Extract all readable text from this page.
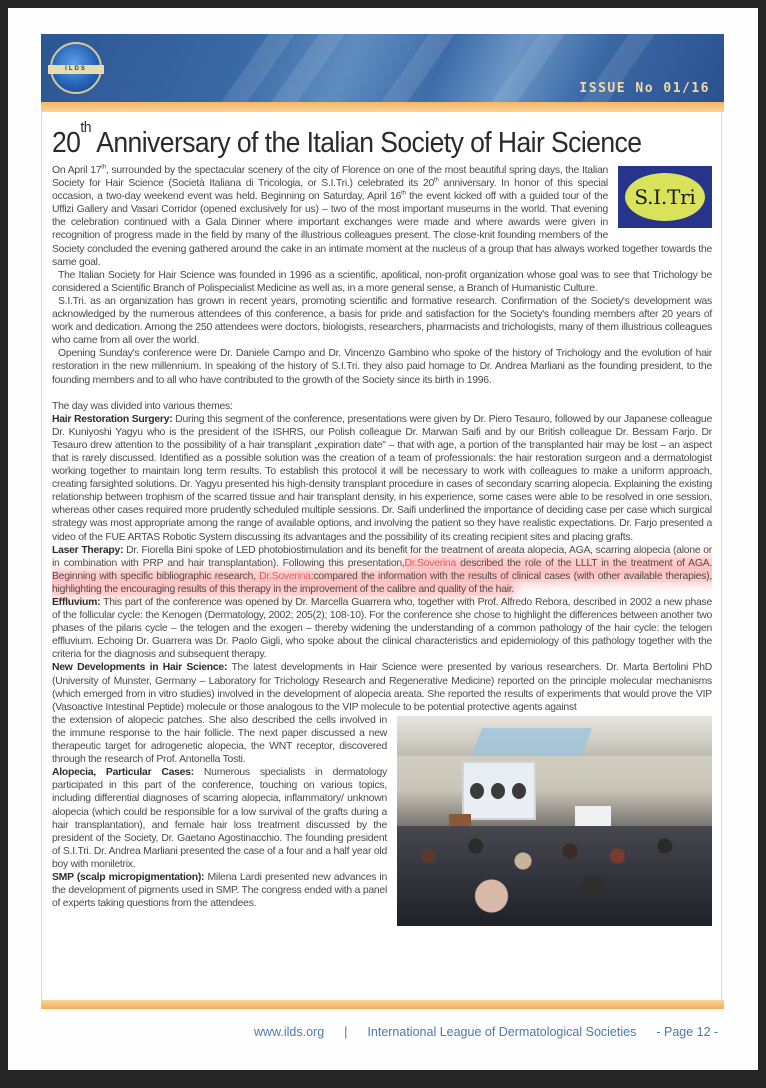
ILDS
ISSUE No 01/16
20th Anniversary of the Italian Society of Hair Science
S.I.Tri

On April 17th, surrounded by the spectacular scenery of the city of Florence on one of the most beautiful spring days, the Italian Society for Hair Science (Società Italiana di Tricologia, or S.I.Tri.) celebrated its 20th anniversary. In honor of this special occasion, a two-day weekend event was held. Beginning on Saturday, April 16th the event kicked off with a guided tour of the Uffizi Gallery and Vasari Corridor (opened exclusively for us) – two of the most important museums in the world. That evening the celebration continued with a Gala Dinner where important exchanges were made and where awards were given in recognition of progress made in the field by many of the illustrious colleagues present. The close-knit founding members of the Society concluded the evening gathered around the cake in an intimate moment at the nucleus of a group that has always worked together towards the same goal.

The Italian Society for Hair Science was founded in 1996 as a scientific, apolitical, non-profit organization whose goal was to see that Trichology be considered a Scientific Branch of Polispecialist Medicine as well as, in a more general sense, a Branch of Humanistic Culture.

S.I.Tri. as an organization has grown in recent years, promoting scientific and formative research. Confirmation of the Society's development was acknowledged by the numerous attendees of this conference, a basis for pride and satisfaction for the Society's founding members after 20 years of work and dedication. Among the 250 attendees were doctors, biologists, researchers, pharmacists and trichologists, many of them illustrious colleagues who came from all over the world.

Opening Sunday's conference were Dr. Daniele Campo and Dr. Vincenzo Gambino who spoke of the history of Trichology and the evolution of hair restoration in the new millennium. In speaking of the history of S.I.Tri. they also paid homage to Dr. Andrea Marliani as the founding president, to the founding members and to all who have contributed to the growth of the Society since its birth in 1996.

The day was divided into various themes:

Hair Restoration Surgery: During this segment of the conference, presentations were given by Dr. Piero Tesauro, followed by our Japanese colleague Dr. Kuniyoshi Yagyu who is the president of the ISHRS, our Polish colleague Dr. Marwan Saifi and by our British colleague Dr. Bessam Farjo. Dr Tesauro drew attention to the possibility of a hair transplant „expiration date" – that with age, a portion of the transplanted hair may be lost – an aspect that is rarely discussed. Identified as a possible solution was the creation of a team of professionals: the hair restoration surgeon and a dermatologist working together to maintain long term results. To establish this protocol it will be necessary to work with colleagues to make a uniform approach, creating farsighted solutions. Dr. Yagyu presented his high-density transplant procedure in cases of secondary scarring alopecia. Explaining the existing relationship between trophism of the scarred tissue and hair transplant density, in his experience, some cases were able to be resolved in one session, whereas other cases required more prudently scheduled multiple sessions. Dr. Saifi underlined the importance of deciding case per case which surgical strategy was most appropriate among the range of available options, and involving the patient so they have realistic expectations. Dr. Farjo presented a video of the FUE ARTAS Robotic System discussing its advantages and the possibility of its creating recipient sites and placing grafts.

Laser Therapy: Dr. Fiorella Bini spoke of LED photobiostimulation and its benefit for the treatment of areata alopecia, AGA, scarring alopecia (alone or in combination with PRP and hair transplantation). Following this presentation,Dr.Soverina described the role of the LLLT in the treatment of AGA. Beginning with specific bibliographic research, Dr.Soverina:compared the information with the results of clinical cases (with other available therapies), highlighting the encouraging results of this therapy in the improvement of the calibre and quality of the hair.

Effluvium: This part of the conference was opened by Dr. Marcella Guarrera who, together with Prof. Alfredo Rebora, described in 2002 a new phase of the follicular cycle: the Kenogen (Dermatology, 2002; 205(2); 108-10). For the conference she chose to highlight the differences between another two phases of the pilaris cycle – the telogen and the exogen – thereby widening the understanding of a common pathology of the hair cycle: the telogen effluvium. Echoing Dr. Guarrera was Dr. Paolo Gigli, who spoke about the clinical characteristics and epidemiology of this pathology together with the criteria for the diagnosis and subsequent therapy.

New Developments in Hair Science: The latest developments in Hair Science were presented by various researchers. Dr. Marta Bertolini PhD (University of Munster, Germany – Laboratory for Trichology Research and Regenerative Medicine) reported on the principle molecular mechanisms (which emerged from in vitro studies) involved in the development of alopecia areata. She reported the results of experiments that would prove the VIP (Vasoactive Intestinal Peptide) molecule or those analogous to the VIP molecule to be potential protective agents against

the extension of alopecic patches. She also described the cells involved in the immune response to the hair follicle. The next paper discussed a new therapeutic target for adrogenetic alopecia, the WNT receptor, discovered through the research of Prof. Antonella Tosti.

Alopecia, Particular Cases: Numerous specialists in dermatology participated in this part of the conference, touching on various topics, including differential diagnoses of scarring alopecia, inflammatory/ unknown alopecia (which could be responsible for a low survival of the grafts during a hair transplantation), and female hair loss treatment discussed by the president of the Society, Dr. Gaetano Agostinacchio. The founding president of S.I.Tri. Dr. Andrea Marliani presented the case of a four and a half year old boy with moniletrix.

SMP (scalp micropigmentation): Milena Lardi presented new advances in the development of pigments used in SMP. The congress ended with a panel of experts taking questions from the attendees.

www.ilds.org | International League of Dermatological Societies - Page 12 -
